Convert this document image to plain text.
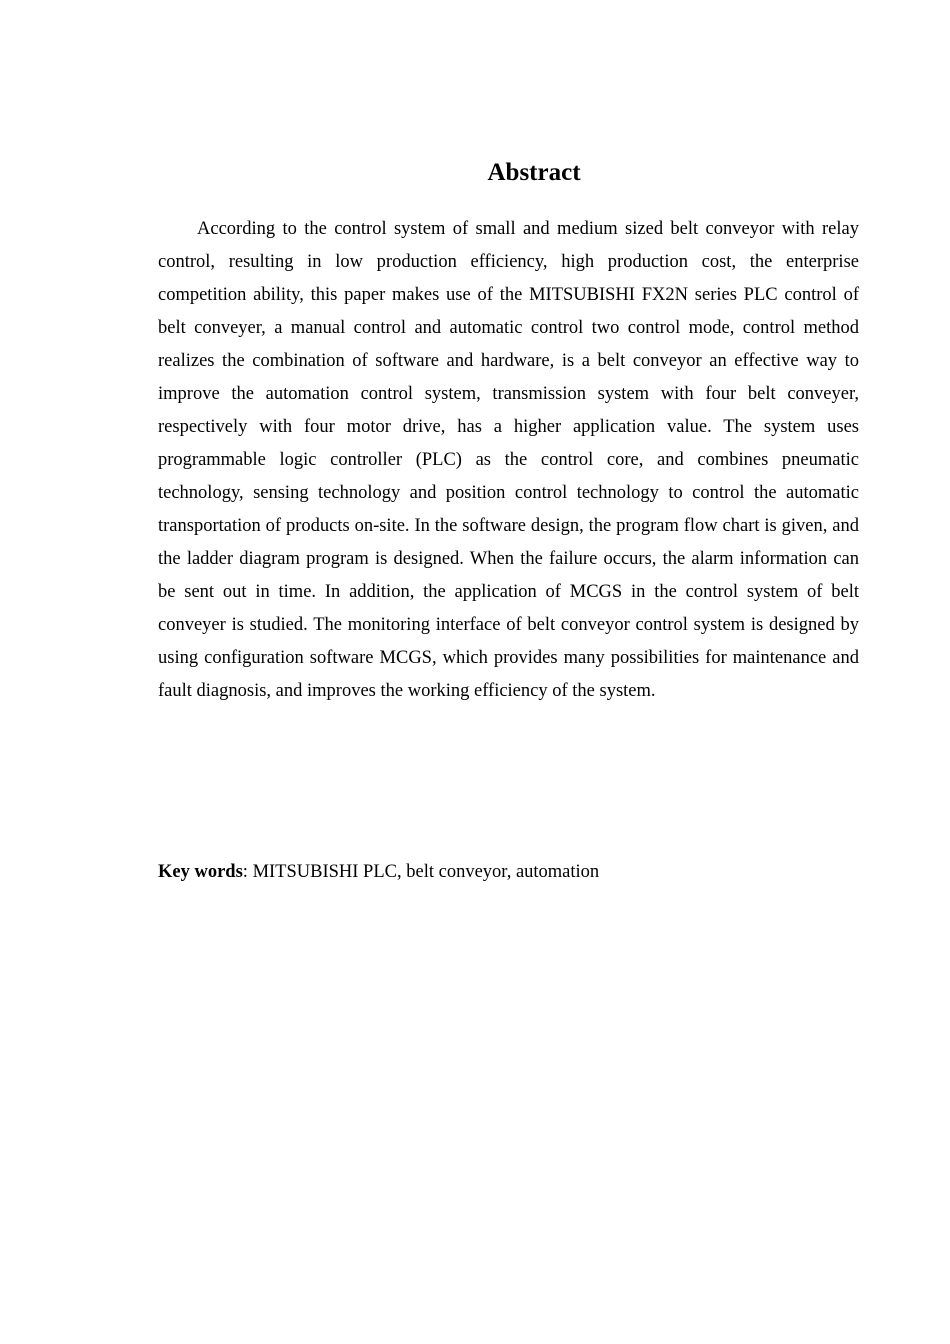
Abstract

According to the control system of small and medium sized belt conveyor with relay control, resulting in low production efficiency, high production cost, the enterprise competition ability, this paper makes use of the MITSUBISHI FX2N series PLC control of belt conveyer, a manual control and automatic control two control mode, control method realizes the combination of software and hardware, is a belt conveyor an effective way to improve the automation control system, transmission system with four belt conveyer, respectively with four motor drive, has a higher application value. The system uses programmable logic controller (PLC) as the control core, and combines pneumatic technology, sensing technology and position control technology to control the automatic transportation of products on-site. In the software design, the program flow chart is given, and the ladder diagram program is designed. When the failure occurs, the alarm information can be sent out in time. In addition, the application of MCGS in the control system of belt conveyer is studied. The monitoring interface of belt conveyor control system is designed by using configuration software MCGS, which provides many possibilities for maintenance and fault diagnosis, and improves the working efficiency of the system.

Key words: MITSUBISHI PLC, belt conveyor, automation
